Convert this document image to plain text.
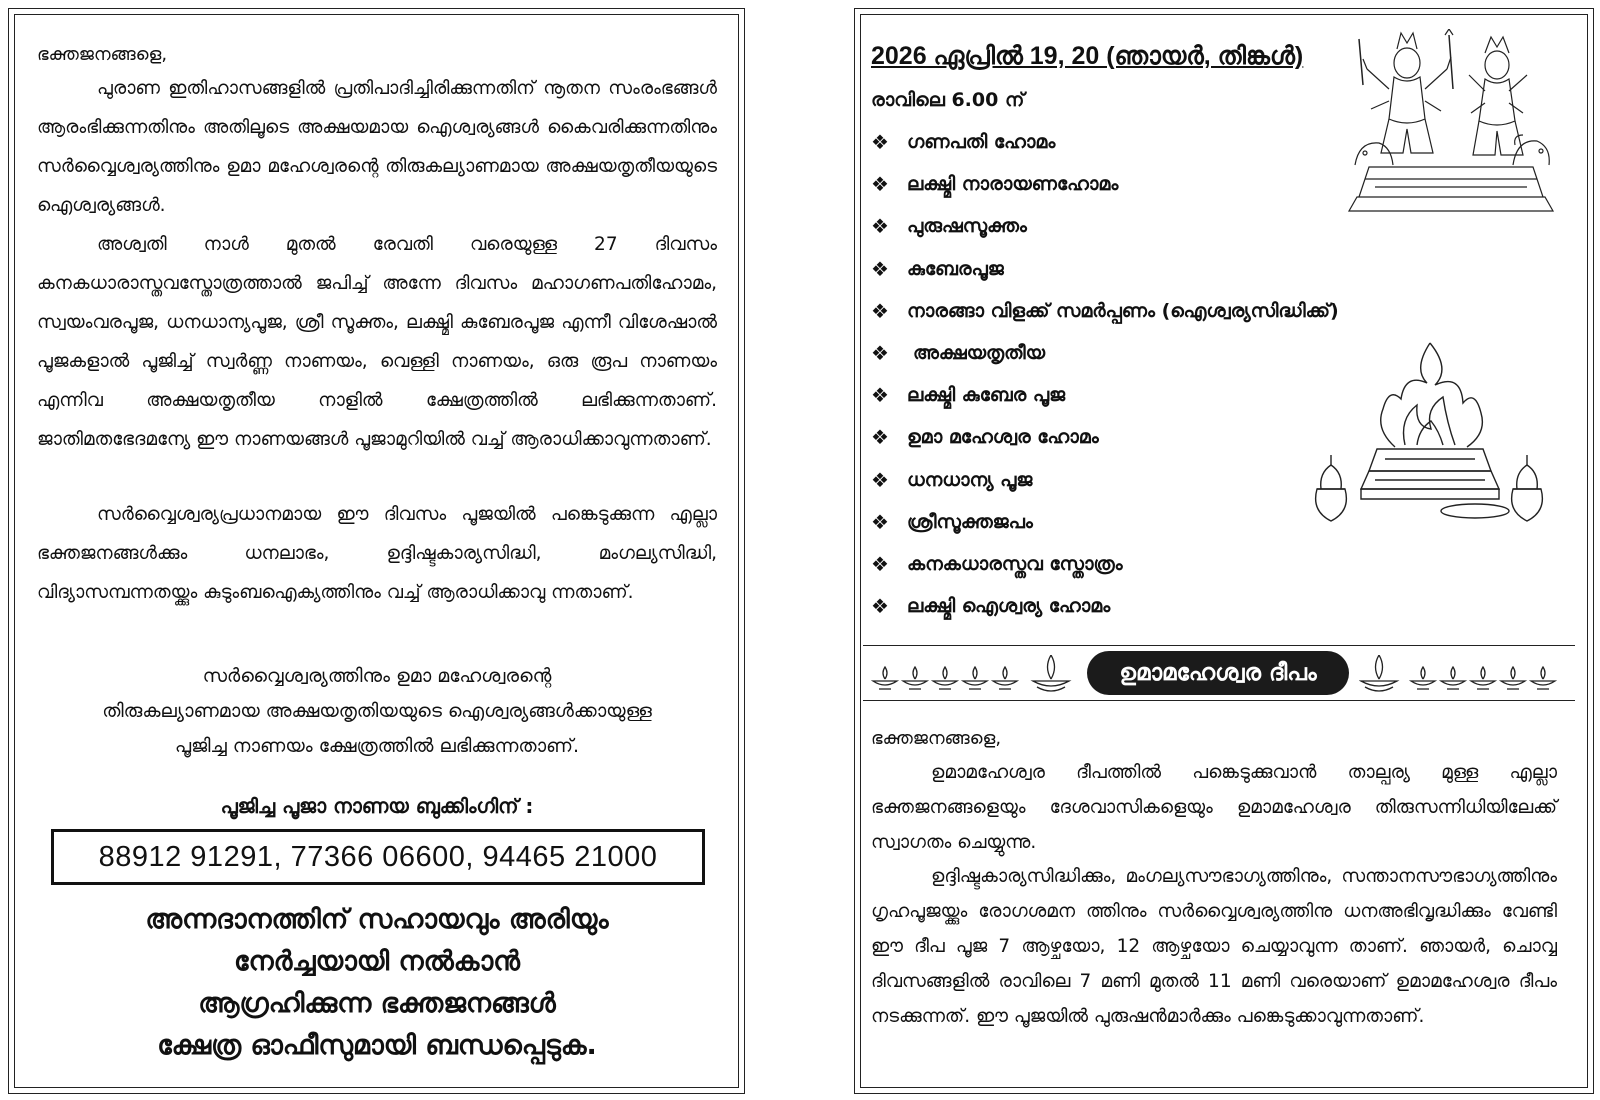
ഭക്തജനങ്ങളെ,

പുരാണ ഇതിഹാസങ്ങളിൽ പ്രതിപാദിച്ചിരിക്കുന്നതിന് നൂതന സംരംഭങ്ങൾ ആരംഭിക്കുന്നതിനും അതിലൂടെ അക്ഷയമായ ഐശ്വര്യങ്ങൾ കൈവരിക്കുന്നതിനും സർവ്വൈശ്വര്യത്തിനും ഉമാ മഹേശ്വരന്റെ തിരുകല്യാണമായ അക്ഷയതൃതീയയുടെ ഐശ്വര്യങ്ങൾ.

അശ്വതി നാൾ മുതൽ രേവതി വരെയുള്ള 27 ദിവസം കനകധാരാസ്തവസ്തോത്രത്താൽ ജപിച്ച് അന്നേ ദിവസം മഹാഗണപതിഹോമം, സ്വയംവരപൂജ, ധനധാന്യപൂജ, ശ്രീ സൂക്തം, ലക്ഷ്മി കുബേരപൂജ എന്നീ വിശേഷാൽ പൂജകളാൽ പൂജിച്ച് സ്വർണ്ണ നാണയം, വെള്ളി നാണയം, ഒരു രൂപ നാണയം എന്നിവ അക്ഷയതൃതീയ നാളിൽ ക്ഷേത്രത്തിൽ ലഭിക്കുന്നതാണ്. ജാതിമതഭേദമന്യേ ഈ നാണയങ്ങൾ പൂജാമുറിയിൽ വച്ച് ആരാധിക്കാവുന്നതാണ്.

സർവ്വൈശ്വര്യപ്രധാനമായ ഈ ദിവസം പൂജയിൽ പങ്കെടുക്കുന്ന എല്ലാ ഭക്തജനങ്ങൾക്കും ധനലാഭം, ഉദ്ദിഷ്ടകാര്യസിദ്ധി, മംഗല്യസിദ്ധി, വിദ്യാസമ്പന്നതയ്ക്കും കുടുംബഐക്യത്തിനും വച്ച് ആരാധിക്കാവു ന്നതാണ്.

സർവ്വൈശ്വര്യത്തിനും ഉമാ മഹേശ്വരന്റെ
തിരുകല്യാണമായ അക്ഷയതൃതിയയുടെ ഐശ്വര്യങ്ങൾക്കായുള്ള
പൂജിച്ച നാണയം ക്ഷേത്രത്തിൽ ലഭിക്കുന്നതാണ്.

പൂജിച്ച പൂജാ നാണയ ബുക്കിംഗിന് :

88912 91291, 77366 06600, 94465 21000

അന്നദാനത്തിന് സഹായവും അരിയും
നേർച്ചയായി നൽകാൻ
ആഗ്രഹിക്കുന്ന ഭക്തജനങ്ങൾ
ക്ഷേത്ര ഓഫീസുമായി ബന്ധപ്പെടുക.

2026 ഏപ്രിൽ 19, 20 (ഞായർ, തിങ്കൾ)

രാവിലെ 6.00 ന്

❖ ഗണപതി ഹോമം
❖ ലക്ഷ്മി നാരായണഹോമം
❖ പുരുഷസൂക്തം
❖ കുബേരപൂജ
❖ നാരങ്ങാ വിളക്ക് സമർപ്പണം (ഐശ്വര്യസിദ്ധിക്ക്)
❖	അക്ഷയതൃതീയ
❖ ലക്ഷ്മി കുബേര പൂജ
❖ ഉമാ മഹേശ്വര ഹോമം
❖ ധനധാന്യ പൂജ
❖ ശ്രീസൂക്തജപം
❖ കനകധാരസ്തവ സ്തോത്രം
❖ ലക്ഷ്മി ഐശ്വര്യ ഹോമം
ഉമാമഹേശ്വര ദീപം

ഭക്തജനങ്ങളെ,

ഉമാമഹേശ്വര ദീപത്തിൽ പങ്കെടുക്കുവാൻ താല്പര്യ മുള്ള എല്ലാ ഭക്തജനങ്ങളെയും ദേശവാസികളെയും ഉമാമഹേശ്വര തിരുസന്നിധിയിലേക്ക് സ്വാഗതം ചെയ്യുന്നു.

ഉദ്ദിഷ്ടകാര്യസിദ്ധിക്കും, മംഗല്യസൗഭാഗ്യത്തിനും, സന്താനസൗഭാഗ്യത്തിനും ഗൃഹപൂജയ്ക്കും രോഗശമന ത്തിനും സർവ്വൈശ്വര്യത്തിനു ധനഅഭിവൃദ്ധിക്കും വേണ്ടി ഈ ദീപ പൂജ 7 ആഴ്ചയോ, 12 ആഴ്ചയോ ചെയ്യാവുന്ന താണ്. ഞായർ, ചൊവ്വ ദിവസങ്ങളിൽ രാവിലെ 7 മണി മുതൽ 11 മണി വരെയാണ് ഉമാമഹേശ്വര ദീപം നടക്കുന്നത്. ഈ പൂജയിൽ പുരുഷൻമാർക്കും പങ്കെടുക്കാവുന്നതാണ്.
